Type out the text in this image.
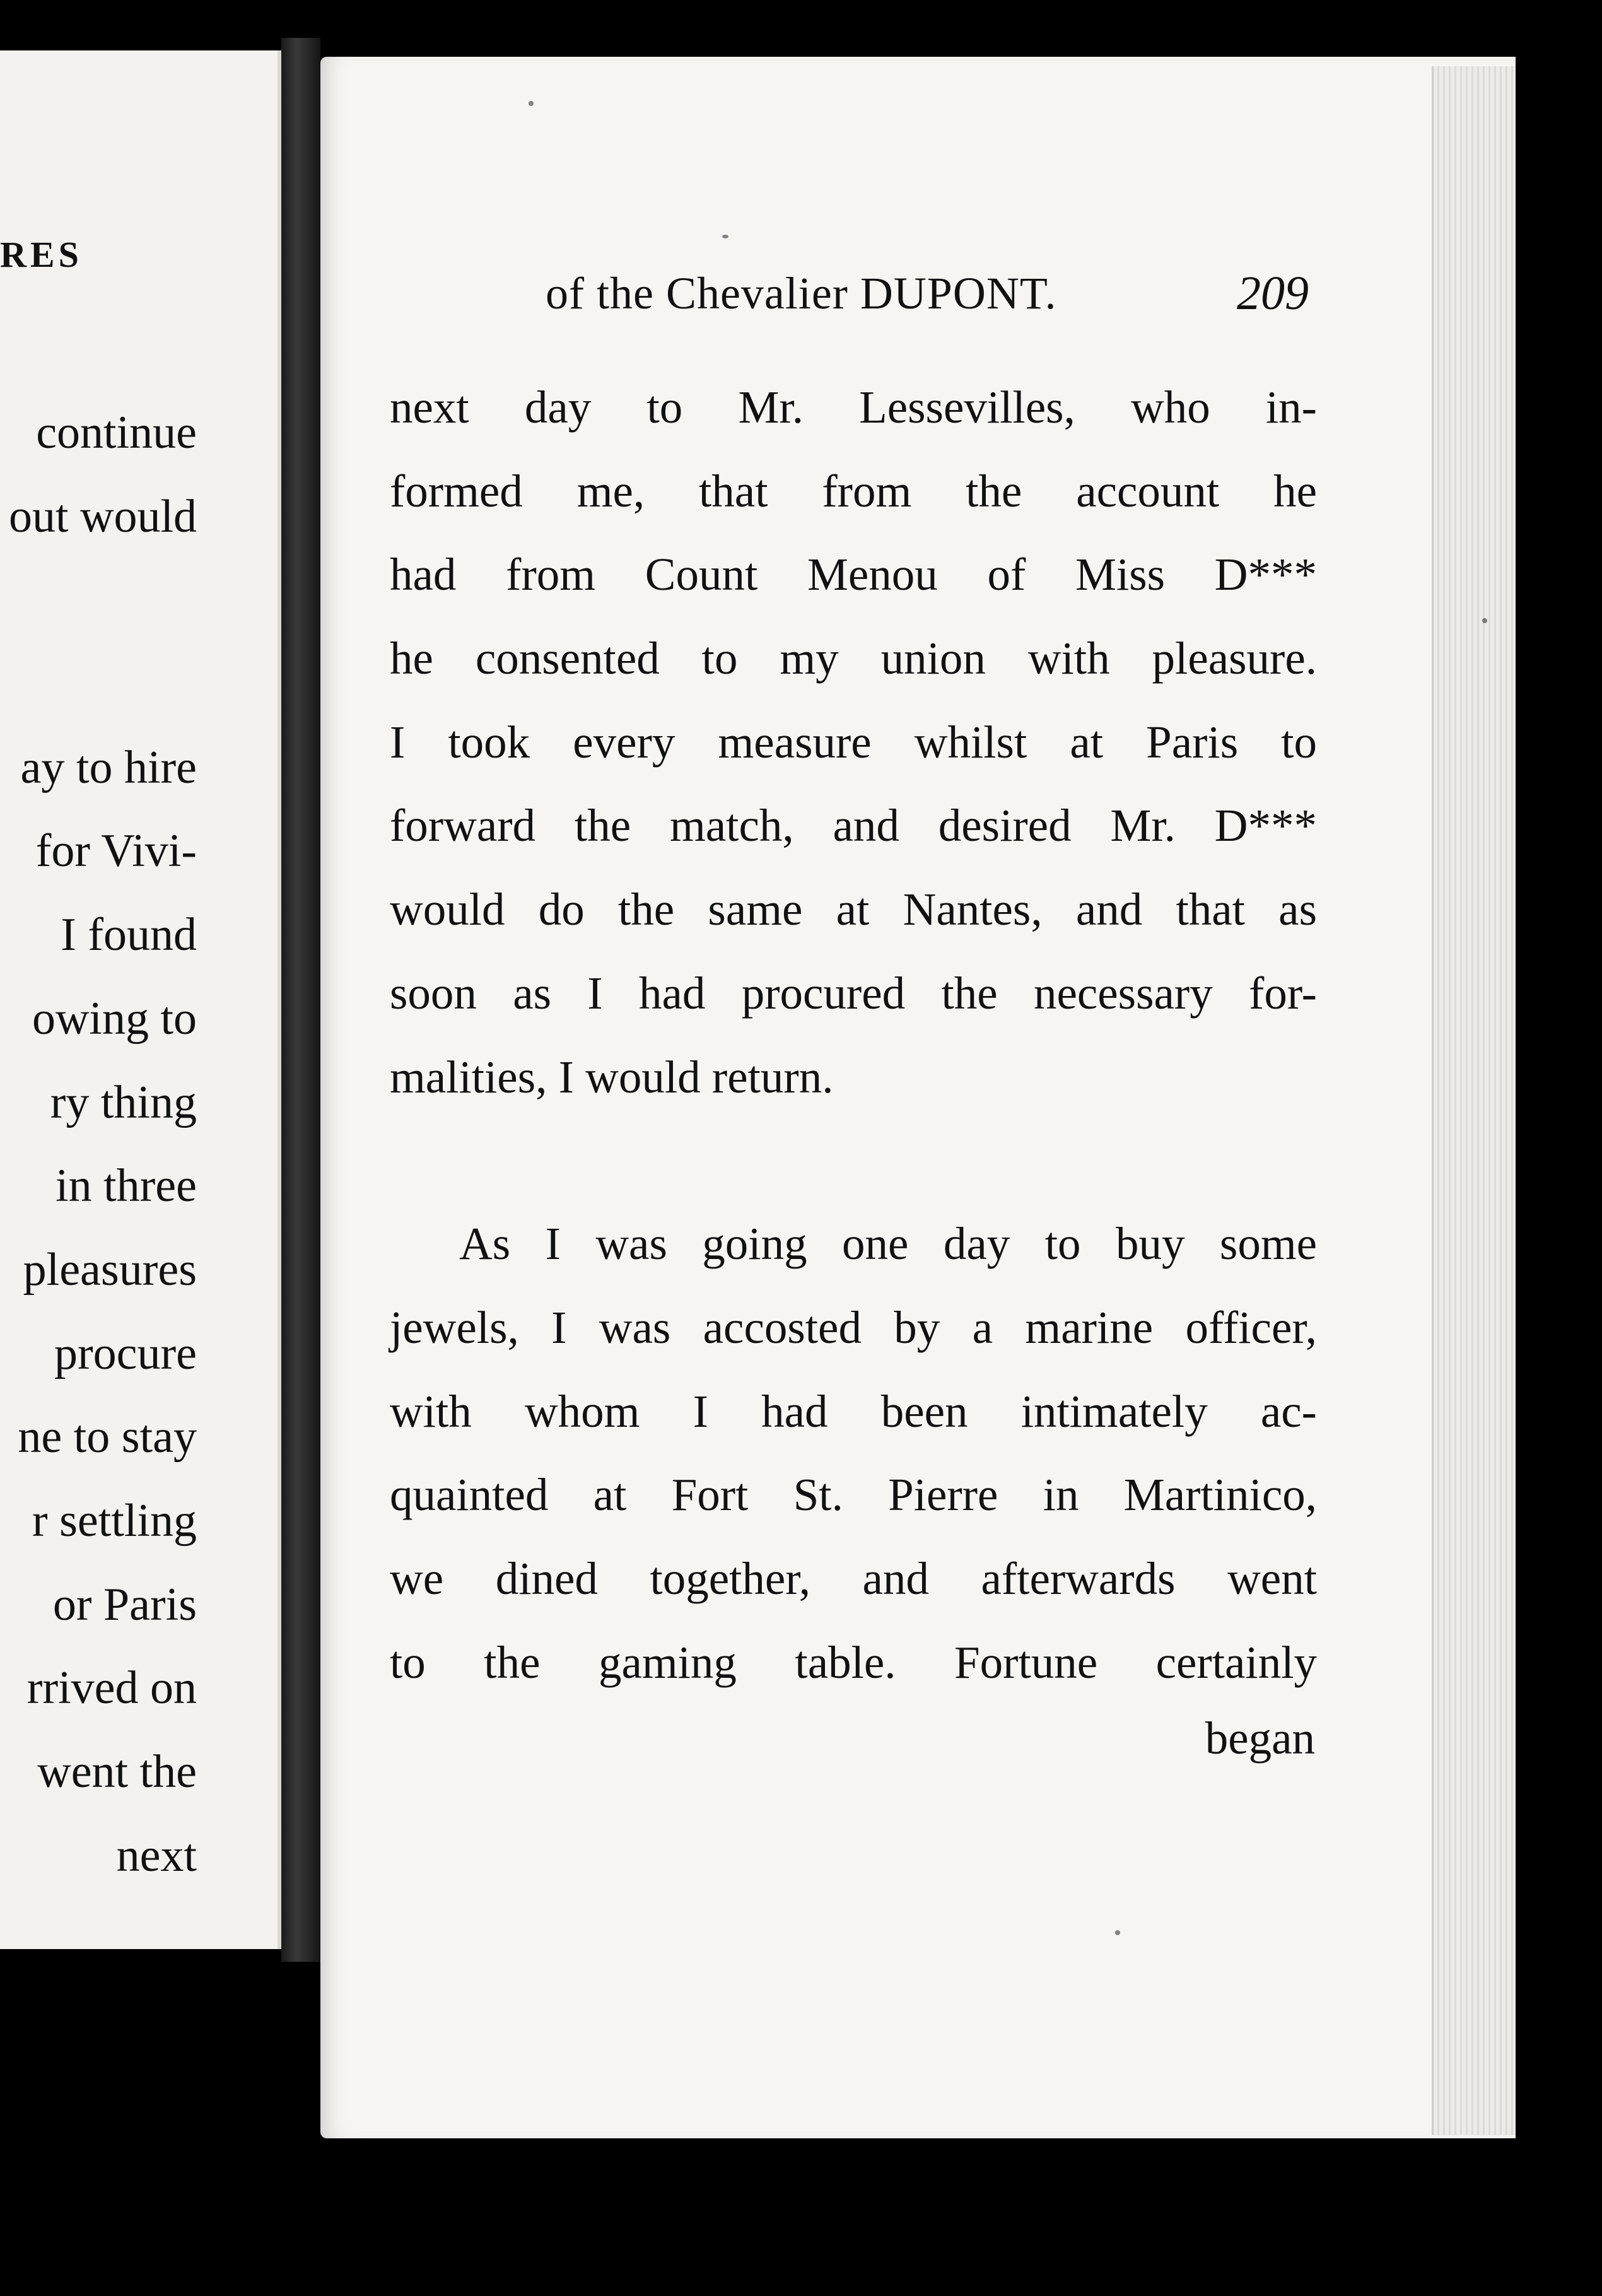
RES
continue
out would
ay to hire
for Vivi-
I found
owing to
ry thing
in three
pleasures
procure
ne to stay
r settling
or Paris
rrived on
went the
next
of the Chevalier DUPONT.	209
next day to Mr. Lessevilles, who in-
formed me, that from the account he
had from Count Menou of Miss D***
he consented to my union with pleasure.
I took every measure whilst at Paris to
forward the match, and desired Mr. D***
would do the same at Nantes, and that as
soon as I had procured the necessary for-
malities, I would return.
As I was going one day to buy some
jewels, I was accosted by a marine officer,
with whom I had been intimately ac-
quainted at Fort St. Pierre in Martinico,
we dined together, and afterwards went
to the gaming table. Fortune certainly
began
